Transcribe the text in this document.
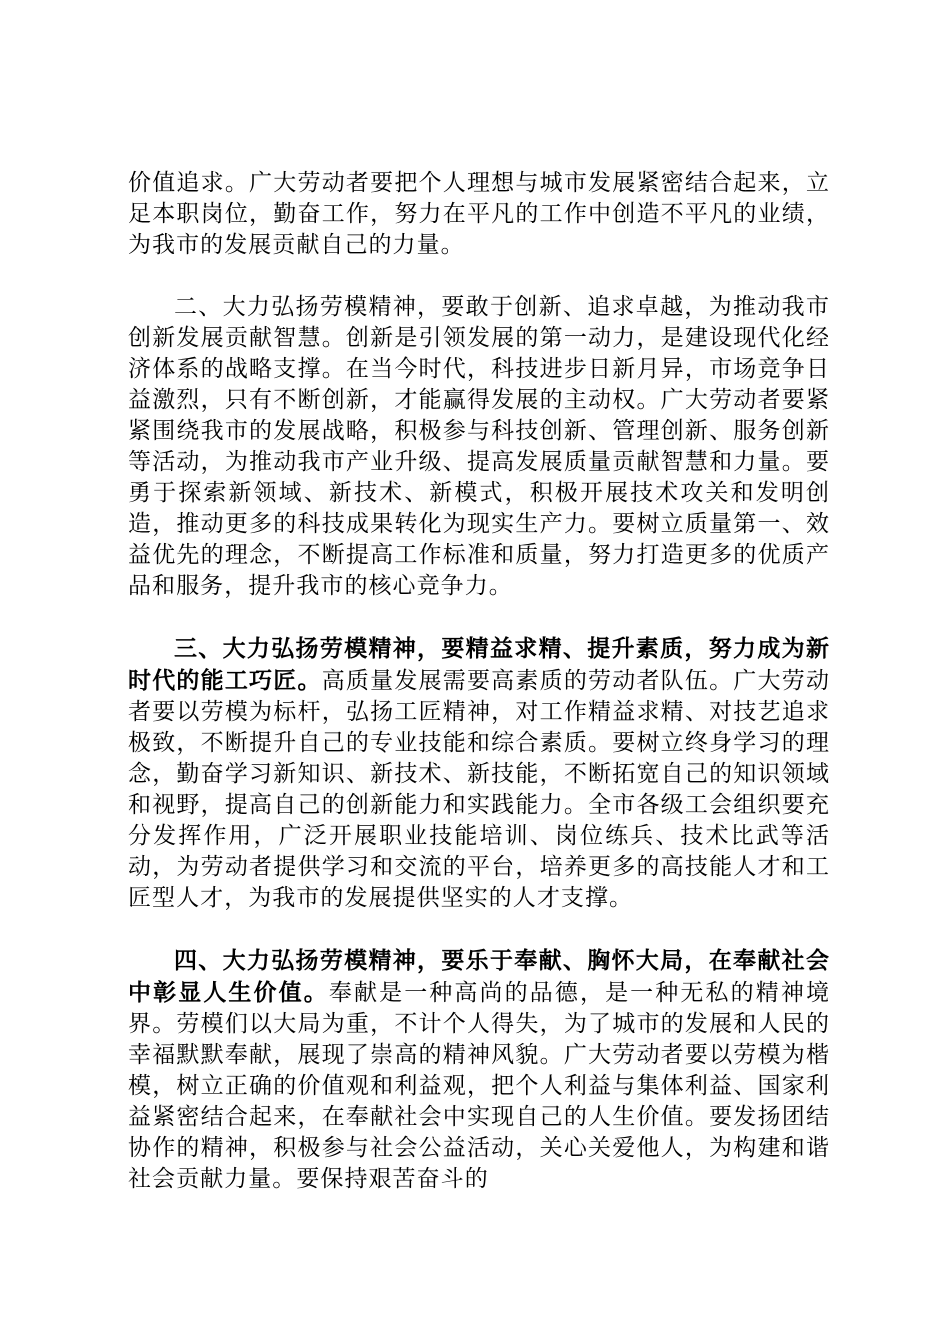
价值追求。广大劳动者要把个人理想与城市发展紧密结合起来，立足本职岗位，勤奋工作，努力在平凡的工作中创造不平凡的业绩，为我市的发展贡献自己的力量。

二、大力弘扬劳模精神，要敢于创新、追求卓越，为推动我市创新发展贡献智慧。创新是引领发展的第一动力，是建设现代化经济体系的战略支撑。在当今时代，科技进步日新月异，市场竞争日益激烈，只有不断创新，才能赢得发展的主动权。广大劳动者要紧紧围绕我市的发展战略，积极参与科技创新、管理创新、服务创新等活动，为推动我市产业升级、提高发展质量贡献智慧和力量。要勇于探索新领域、新技术、新模式，积极开展技术攻关和发明创造，推动更多的科技成果转化为现实生产力。要树立质量第一、效益优先的理念，不断提高工作标准和质量，努力打造更多的优质产品和服务，提升我市的核心竞争力。

三、大力弘扬劳模精神，要精益求精、提升素质，努力成为新时代的能工巧匠。高质量发展需要高素质的劳动者队伍。广大劳动者要以劳模为标杆，弘扬工匠精神，对工作精益求精、对技艺追求极致，不断提升自己的专业技能和综合素质。要树立终身学习的理念，勤奋学习新知识、新技术、新技能，不断拓宽自己的知识领域和视野，提高自己的创新能力和实践能力。全市各级工会组织要充分发挥作用，广泛开展职业技能培训、岗位练兵、技术比武等活动，为劳动者提供学习和交流的平台，培养更多的高技能人才和工匠型人才，为我市的发展提供坚实的人才支撑。

四、大力弘扬劳模精神，要乐于奉献、胸怀大局，在奉献社会中彰显人生价值。奉献是一种高尚的品德，是一种无私的精神境界。劳模们以大局为重，不计个人得失，为了城市的发展和人民的幸福默默奉献，展现了崇高的精神风貌。广大劳动者要以劳模为楷模，树立正确的价值观和利益观，把个人利益与集体利益、国家利益紧密结合起来，在奉献社会中实现自己的人生价值。要发扬团结协作的精神，积极参与社会公益活动，关心关爱他人，为构建和谐社会贡献力量。要保持艰苦奋斗的
